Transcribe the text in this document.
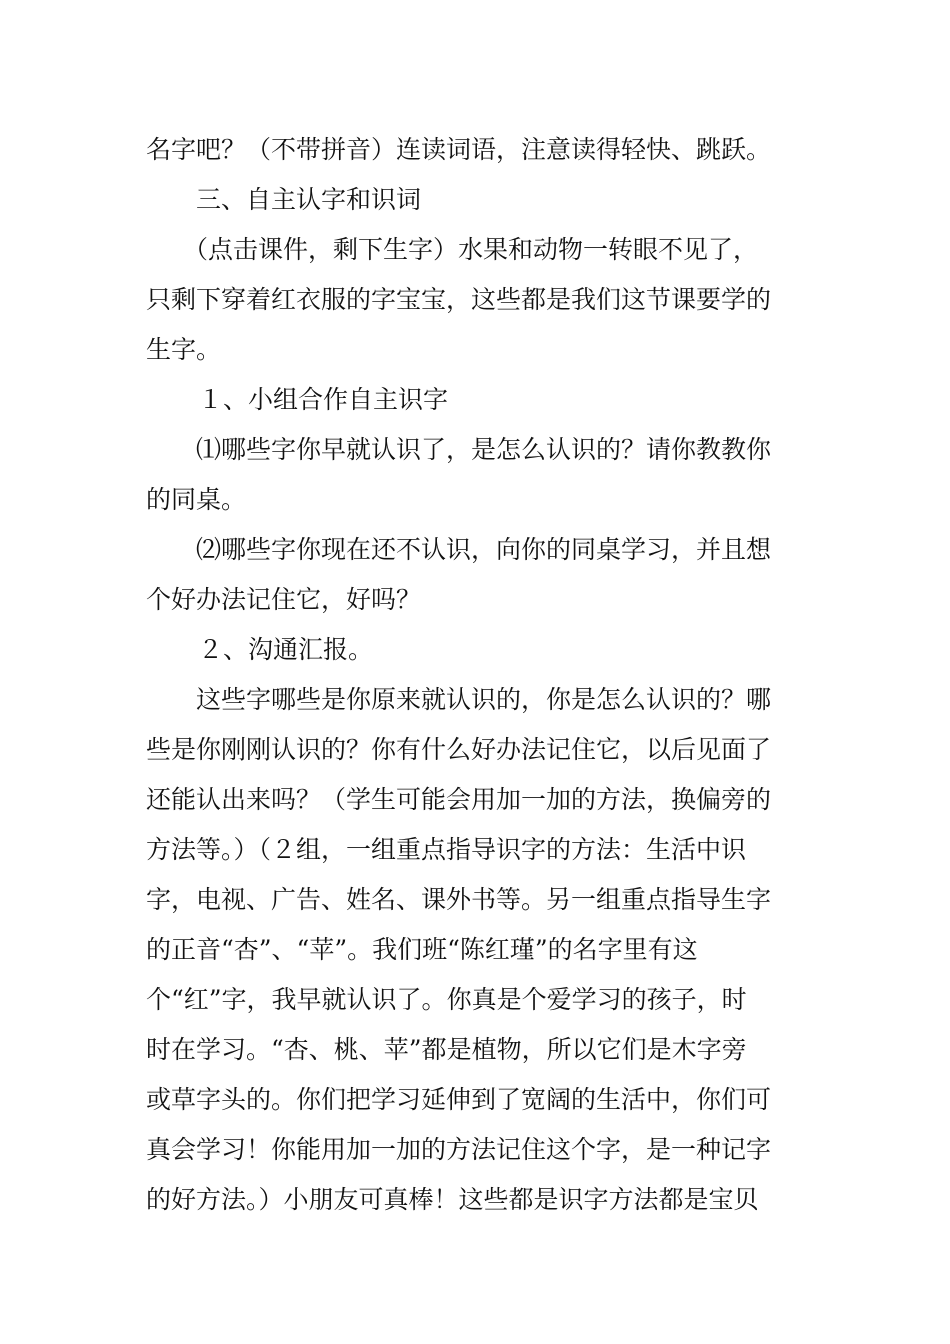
名字吧？（不带拼音）连读词语，注意读得轻快、跳跃。
三、自主认字和识词
（点击课件，剩下生字）水果和动物一转眼不见了，
只剩下穿着红衣服的字宝宝，这些都是我们这节课要学的
生字。
１、小组合作自主识字
⑴哪些字你早就认识了，是怎么认识的？请你教教你
的同桌。
⑵哪些字你现在还不认识，向你的同桌学习，并且想
个好办法记住它，好吗？
２、沟通汇报。
这些字哪些是你原来就认识的，你是怎么认识的？哪
些是你刚刚认识的？你有什么好办法记住它，以后见面了
还能认出来吗？（学生可能会用加一加的方法，换偏旁的
方法等。）（２组，一组重点指导识字的方法：生活中识
字，电视、广告、姓名、课外书等。另一组重点指导生字
的正音“杏”、“苹”。我们班“陈红瑾”的名字里有这
个“红”字，我早就认识了。你真是个爱学习的孩子，时
时在学习。“杏、桃、苹”都是植物，所以它们是木字旁
或草字头的。你们把学习延伸到了宽阔的生活中，你们可
真会学习！你能用加一加的方法记住这个字，是一种记字
的好方法。）小朋友可真棒！这些都是识字方法都是宝贝
